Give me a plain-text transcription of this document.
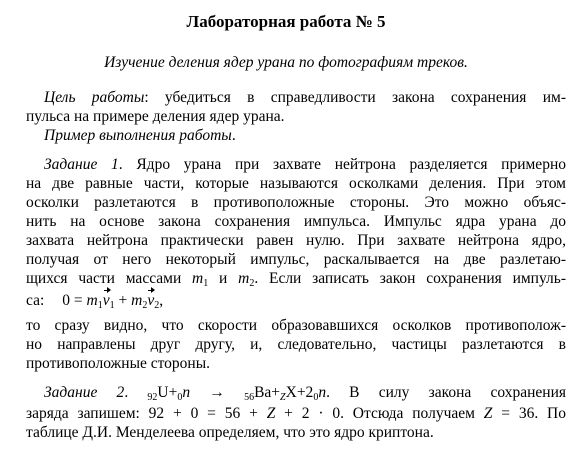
Лабораторная работа № 5
Изучение деления ядер урана по фотографиям треков.
Цель работы: убедиться в справедливости закона сохранения им-
пульса на примере деления ядер урана.
Пример выполнения работы.
Задание 1. Ядро урана при захвате нейтрона разделяется примерно
на две равные части, которые называются осколками деления. При этом
осколки разлетаются в противоположные стороны. Это можно объяс-
нить на основе закона сохранения импульса. Импульс ядра урана до
захвата нейтрона практически равен нулю. При захвате нейтрона ядро,
получая от него некоторый импульс, раскалывается на две разлетаю-
щихся части массами $m_1$ и $m_2$. Если записать закон сохранения импуль-
са: $0 = m_1v_1 + m_2v_2$,
то сразу видно, что скорости образовавшихся осколков противополож-
но направлены друг другу, и, следовательно, частицы разлетаются в
противоположные стороны.
Задание 2. $_{92}U+_0n \to _{56}Ba+_ZX+2_0n$. В силу закона сохранения
заряда запишем: 92 + 0 = 56 + Z + 2 · 0. Отсюда получаем Z = 36. По
таблице Д.И. Менделеева определяем, что это ядро криптона.
